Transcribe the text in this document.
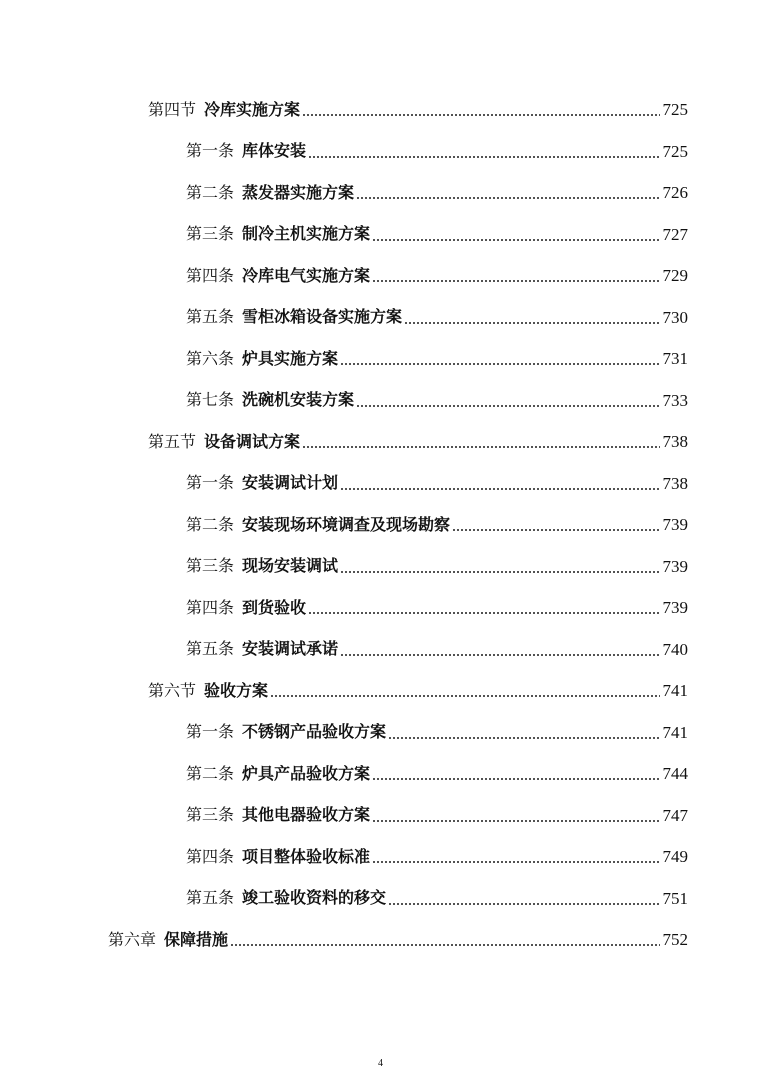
第四节 冷库实施方案	725
第一条 库体安装	725
第二条 蒸发器实施方案	726
第三条 制冷主机实施方案	727
第四条 冷库电气实施方案	729
第五条 雪柜冰箱设备实施方案	730
第六条 炉具实施方案	731
第七条 洗碗机安装方案	733
第五节 设备调试方案	738
第一条 安装调试计划	738
第二条 安装现场环境调查及现场勘察	739
第三条 现场安装调试	739
第四条 到货验收	739
第五条 安装调试承诺	740
第六节 验收方案	741
第一条 不锈钢产品验收方案	741
第二条 炉具产品验收方案	744
第三条 其他电器验收方案	747
第四条 项目整体验收标准	749
第五条 竣工验收资料的移交	751
第六章 保障措施	752
4
